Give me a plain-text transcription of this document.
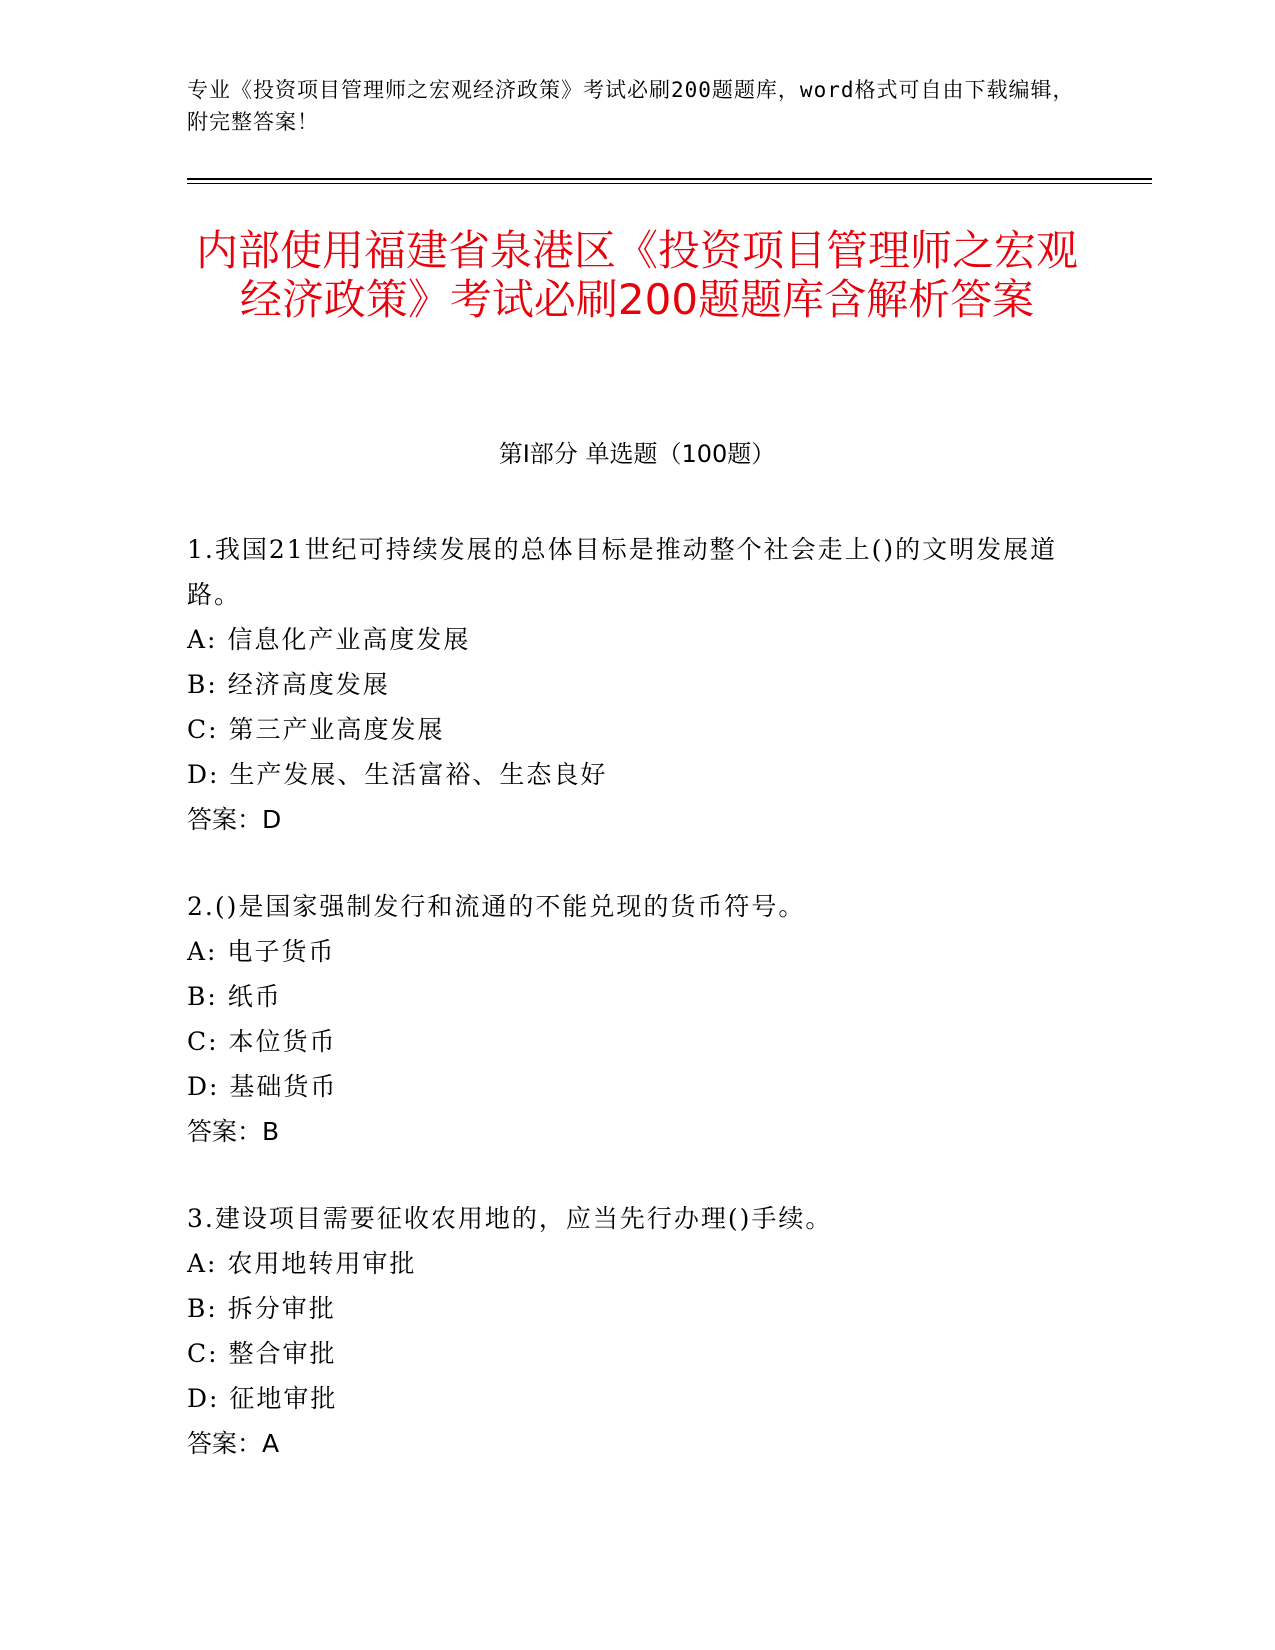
专业《投资项目管理师之宏观经济政策》考试必刷200题题库，word格式可自由下载编辑，附完整答案！
内部使用福建省泉港区《投资项目管理师之宏观经济政策》考试必刷200题题库含解析答案
第Ⅰ部分 单选题（100题）
1.我国21世纪可持续发展的总体目标是推动整个社会走上()的文明发展道路。
A: 信息化产业高度发展
B: 经济高度发展
C: 第三产业高度发展
D: 生产发展、生活富裕、生态良好
答案：D
2.()是国家强制发行和流通的不能兑现的货币符号。
A: 电子货币
B: 纸币
C: 本位货币
D: 基础货币
答案：B
3.建设项目需要征收农用地的，应当先行办理()手续。
A: 农用地转用审批
B: 拆分审批
C: 整合审批
D: 征地审批
答案：A
